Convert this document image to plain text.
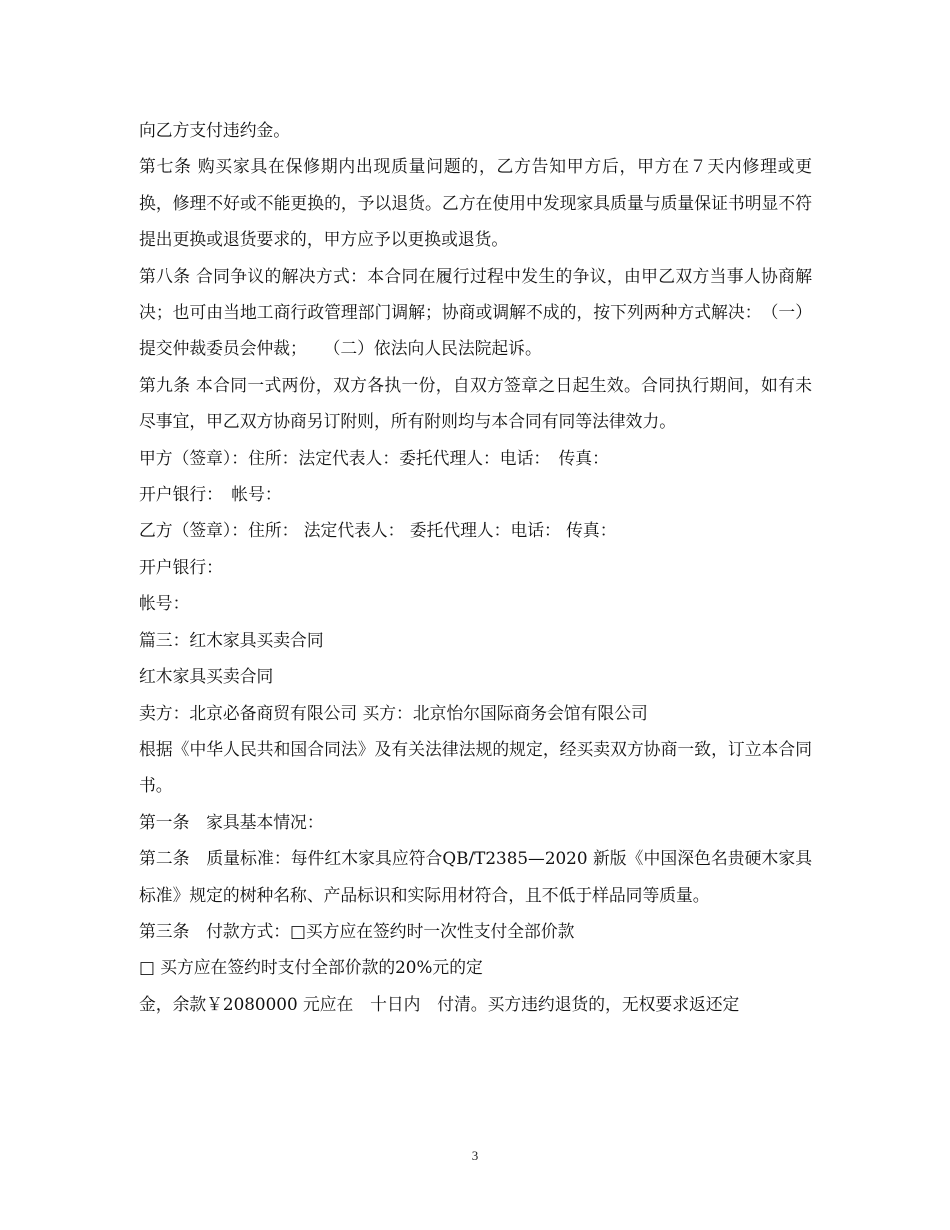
向乙方支付违约金。

第七条 购买家具在保修期内出现质量问题的，乙方告知甲方后，甲方在７天内修理或更换，修理不好或不能更换的，予以退货。乙方在使用中发现家具质量与质量保证书明显不符提出更换或退货要求的，甲方应予以更换或退货。

第八条 合同争议的解决方式：本合同在履行过程中发生的争议，由甲乙双方当事人协商解决；也可由当地工商行政管理部门调解；协商或调解不成的，按下列两种方式解决：　（一）提交仲裁委员会仲裁；　　（二）依法向人民法院起诉。

第九条 本合同一式两份，双方各执一份，自双方签章之日起生效。合同执行期间，如有未尽事宜，甲乙双方协商另订附则，所有附则均与本合同有同等法律效力。

甲方（签章）：住所：法定代表人：委托代理人：电话：　传真：

开户银行：　帐号：

乙方（签章）：住所： 法定代表人： 委托代理人：电话： 传真：

开户银行：

帐号：

篇三：红木家具买卖合同

红木家具买卖合同

卖方：北京必备商贸有限公司 买方：北京怡尔国际商务会馆有限公司

根据《中华人民共和国合同法》及有关法律法规的规定，经买卖双方协商一致，订立本合同书。

第一条　家具基本情况：

第二条　质量标准：每件红木家具应符合QB/T2385—2020 新版《中国深色名贵硬木家具标准》规定的树种名称、产品标识和实际用材符合，且不低于样品同等质量。

第三条　付款方式：□买方应在签约时一次性支付全部价款

□ 买方应在签约时支付全部价款的20%元的定

金，余款￥2080000 元应在　十日内　付清。买方违约退货的，无权要求返还定

3
